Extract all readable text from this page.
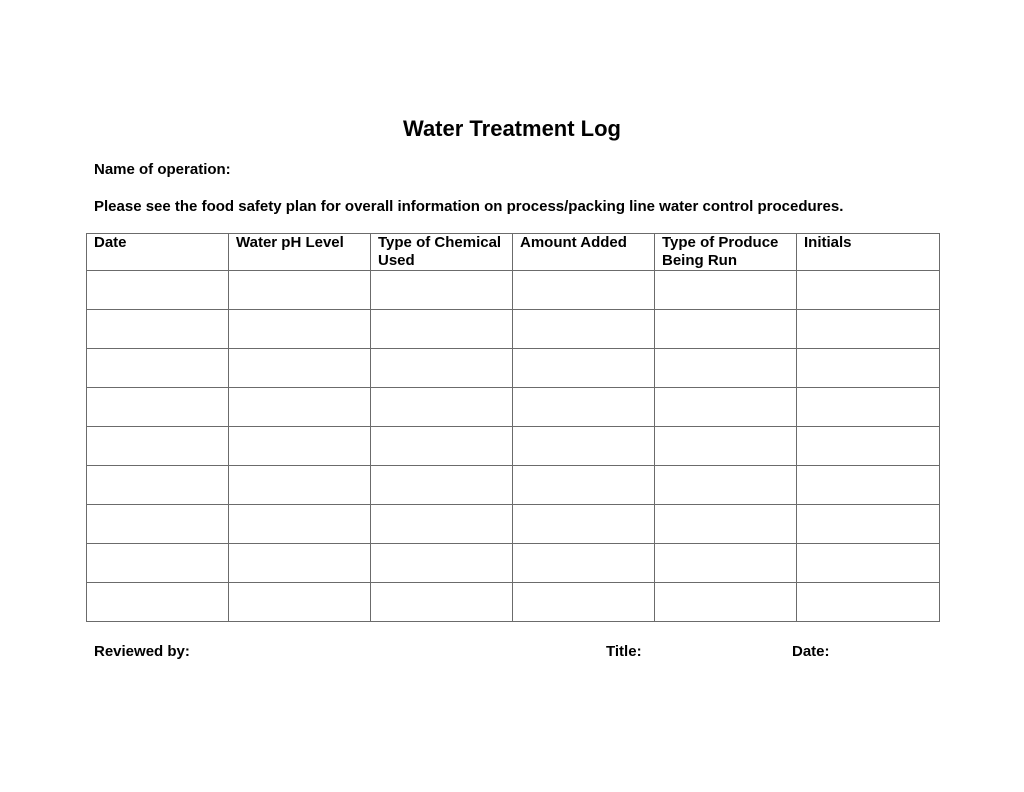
Water Treatment Log
Name of operation:
Please see the food safety plan for overall information on process/packing line water control procedures.
Date	Water pH Level	Type of Chemical Used	Amount Added	Type of Produce Being Run	Initials

Reviewed by:	Title:	Date:
